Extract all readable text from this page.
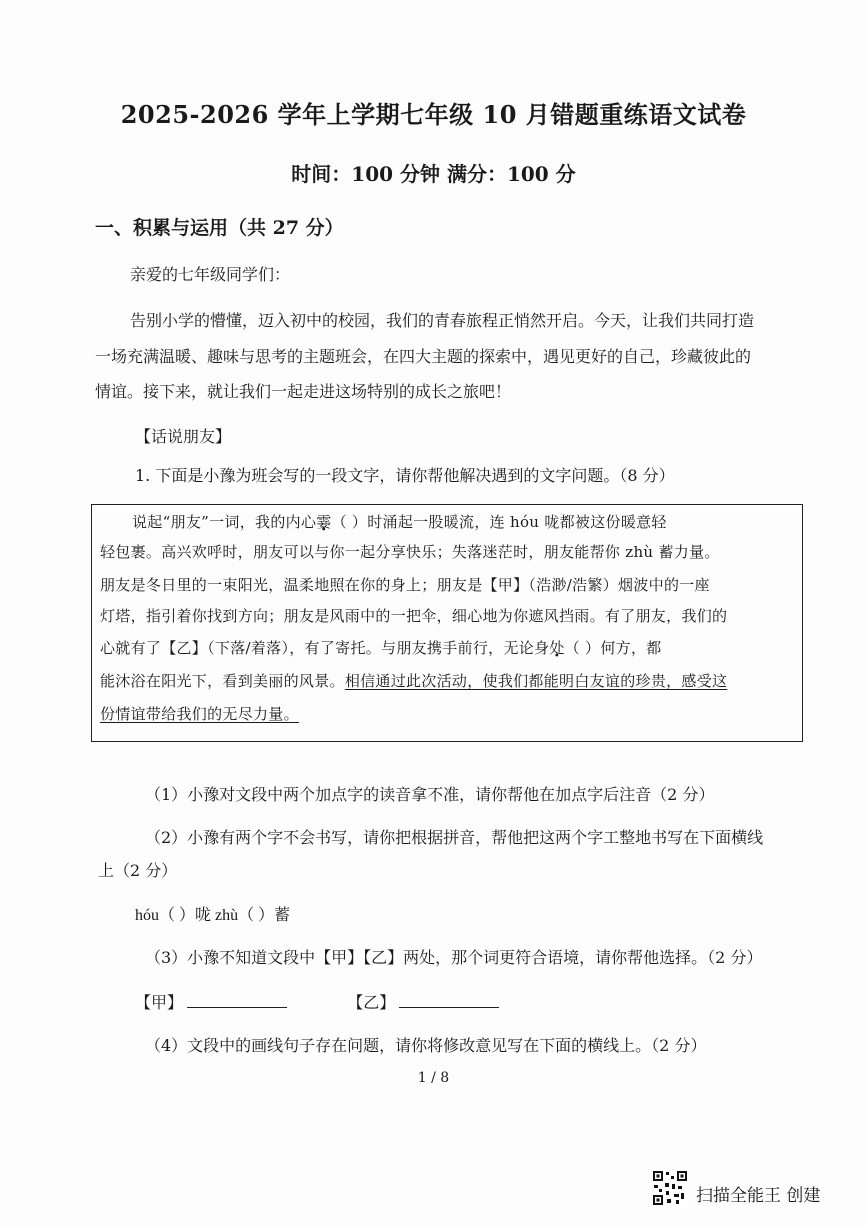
2025-2026 学年上学期七年级 10 月错题重练语文试卷
时间：100 分钟 满分：100 分
一、积累与运用（共 27 分）
亲爱的七年级同学们：
告别小学的懵懂，迈入初中的校园，我们的青春旅程正悄然开启。今天，让我们共同打造
一场充满温暖、趣味与思考的主题班会，在四大主题的探索中，遇见更好的自己，珍藏彼此的
情谊。接下来，就让我们一起走进这场特别的成长之旅吧！
【话说朋友】
1. 下面是小豫为班会写的一段文字，请你帮他解决遇到的文字问题。（8 分）
说起“朋友”一词，我的内心霎（ ）时涌起一股暖流，连 hóu 咙都被这份暖意轻
轻包裹。高兴欢呼时，朋友可以与你一起分享快乐；失落迷茫时，朋友能帮你 zhù 蓄力量。
朋友是冬日里的一束阳光，温柔地照在你的身上；朋友是【甲】（浩渺/浩繁）烟波中的一座
灯塔，指引着你找到方向；朋友是风雨中的一把伞，细心地为你遮风挡雨。有了朋友，我们的
心就有了【乙】（下落/着落），有了寄托。与朋友携手前行，无论身处（ ）何方，都
能沐浴在阳光下，看到美丽的风景。相信通过此次活动，使我们都能明白友谊的珍贵，感受这
份情谊带给我们的无尽力量。
（1）小豫对文段中两个加点字的读音拿不准，请你帮他在加点字后注音（2 分）
（2）小豫有两个字不会书写，请你把根据拼音，帮他把这两个字工整地书写在下面横线
上（2 分）
hóu（ ）咙 zhù（ ）蓄
（3）小豫不知道文段中【甲】【乙】两处，那个词更符合语境，请你帮他选择。（2 分）
【甲】	【乙】
（4）文段中的画线句子存在问题，请你将修改意见写在下面的横线上。（2 分）
1 / 8
扫描全能王 创建
